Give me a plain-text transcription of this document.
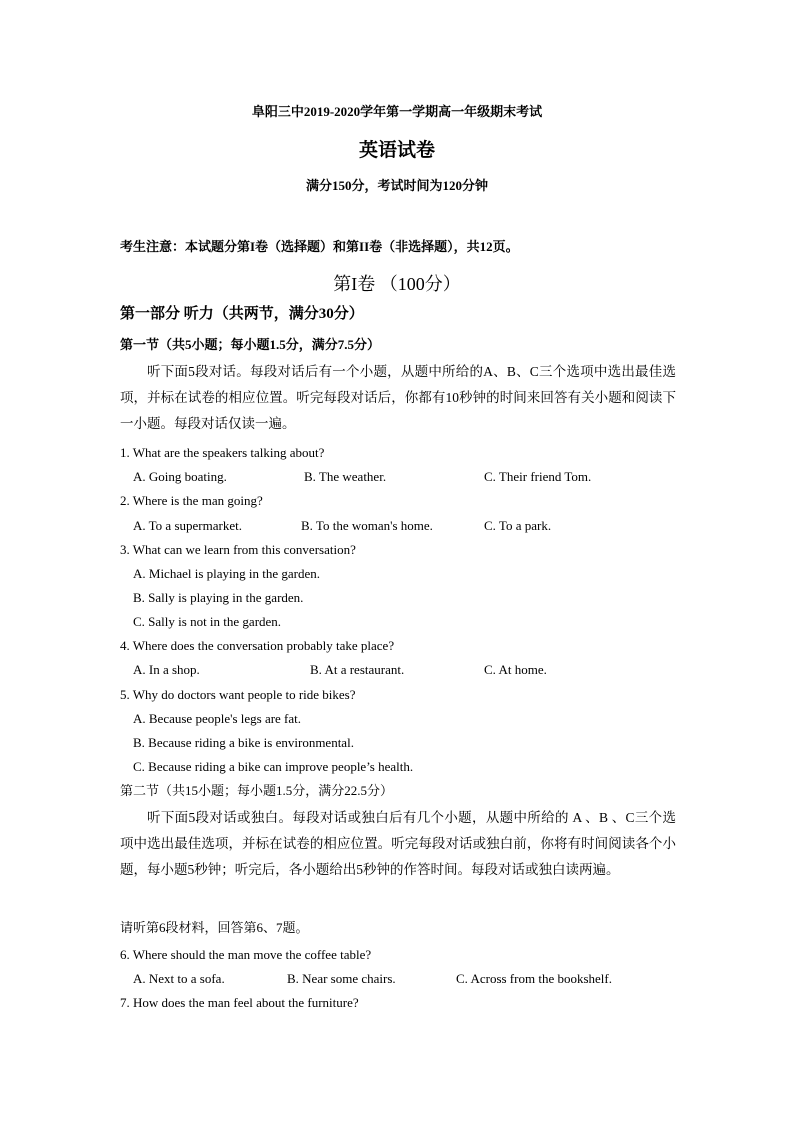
阜阳三中2019-2020学年第一学期高一年级期末考试
英语试卷
满分150分，考试时间为120分钟
考生注意：本试题分第I卷（选择题）和第II卷（非选择题），共12页。
第I卷 （100分）
第一部分 听力（共两节，满分30分）
第一节（共5小题；每小题1.5分，满分7.5分）
听下面5段对话。每段对话后有一个小题，从题中所给的A、B、C三个选项中选出最佳选项，并标在试卷的相应位置。听完每段对话后，你都有10秒钟的时间来回答有关小题和阅读下一小题。每段对话仅读一遍。
1. What are the speakers talking about?
A. Going boating.	B. The weather.	C. Their friend Tom.
2. Where is the man going?
A. To a supermarket.	B. To the woman's home.	C. To a park.
3. What can we learn from this conversation?
A. Michael is playing in the garden.
B. Sally is playing in the garden.
C. Sally is not in the garden.
4. Where does the conversation probably take place?
A. In a shop.	B. At a restaurant.	C. At home.
5. Why do doctors want people to ride bikes?
A. Because people's legs are fat.
B. Because riding a bike is environmental.
C. Because riding a bike can improve people’s health.
第二节（共15小题；每小题1.5分，满分22.5分）
听下面5段对话或独白。每段对话或独白后有几个小题，从题中所给的 A 、B 、C三个选项中选出最佳选项，并标在试卷的相应位置。听完每段对话或独白前，你将有时间阅读各个小题，每小题5秒钟；听完后，各小题给出5秒钟的作答时间。每段对话或独白读两遍。
请听第6段材料，回答第6、7题。
6. Where should the man move the coffee table?
A. Next to a sofa.	B. Near some chairs.	C. Across from the bookshelf.
7. How does the man feel about the furniture?
